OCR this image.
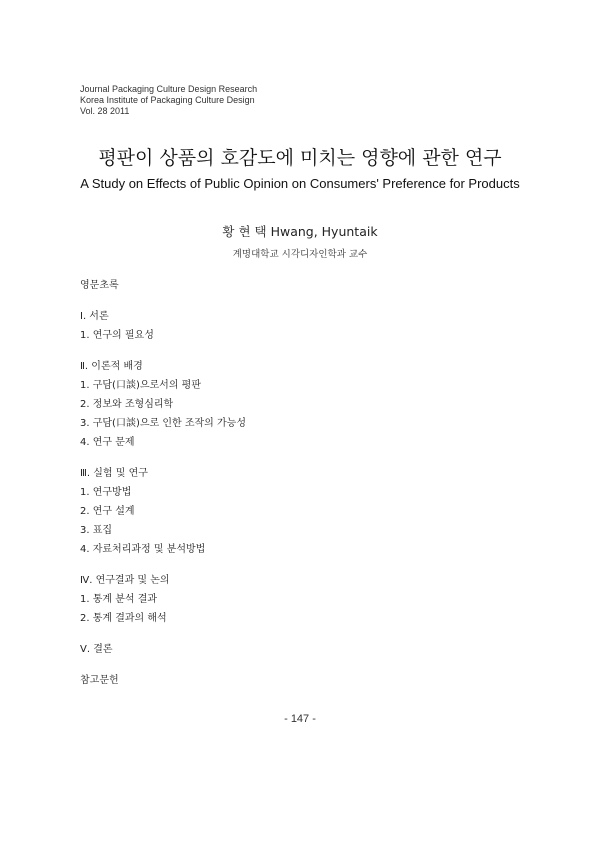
Journal Packaging Culture Design Research
Korea Institute of Packaging Culture Design
Vol. 28 2011
평판이 상품의 호감도에 미치는 영향에 관한 연구
A Study on Effects of Public Opinion on Consumers' Preference for Products
황 현 택 Hwang, Hyuntaik
계명대학교 시각디자인학과 교수
영문초록
Ⅰ. 서론
1. 연구의 필요성
Ⅱ. 이론적 배경
1. 구담(口談)으로서의 평판
2. 정보와 조형심리학
3. 구담(口談)으로 인한 조작의 가능성
4. 연구 문제
Ⅲ. 실험 및 연구
1. 연구방법
2. 연구 설계
3. 표집
4. 자료처리과정 및 분석방법
Ⅳ. 연구결과 및 논의
1. 통계 분석 결과
2. 통계 결과의 해석
Ⅴ. 결론
참고문헌
- 147 -
